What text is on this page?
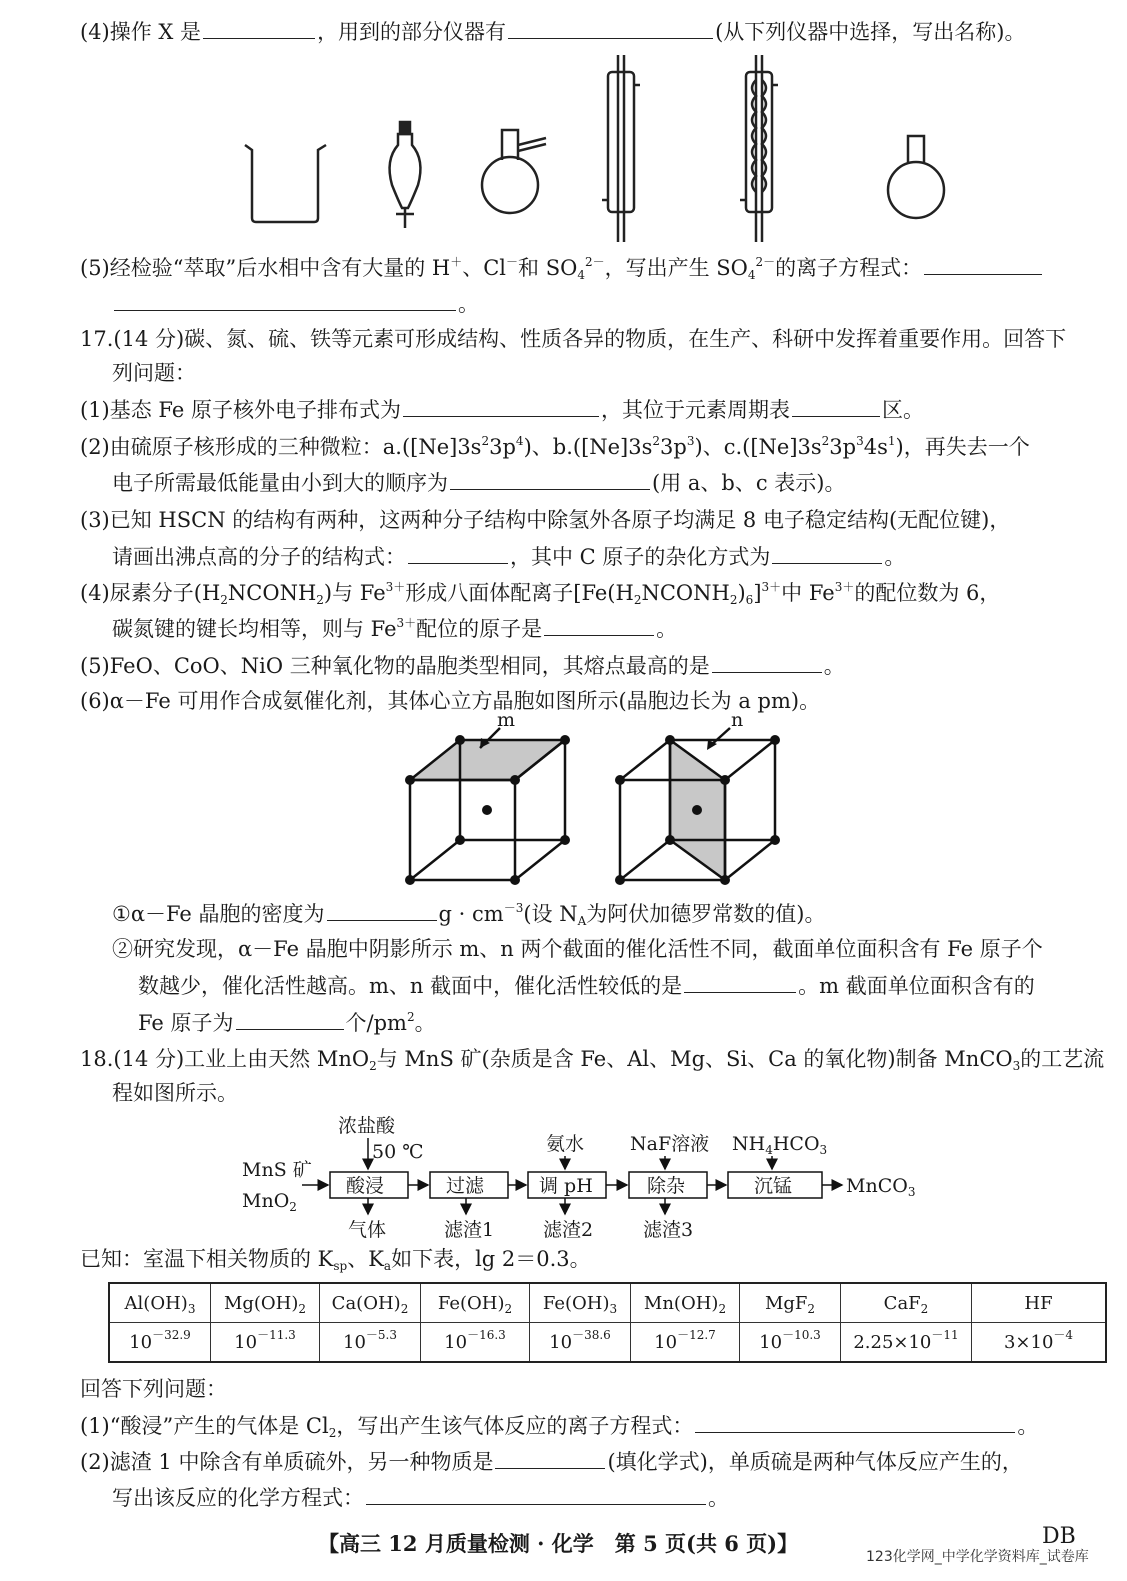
(4)操作 X 是	，用到的部分仪器有	(从下列仪器中选择，写出名称)。
(5)经检验“萃取”后水相中含有大量的 H＋、Cl－和 $SO_4^{2-}$，写出产生 $SO_4^{2-}$的离子方程式：
。
17.(14 分)碳、氮、硫、铁等元素可形成结构、性质各异的物质，在生产、科研中发挥着重要作用。回答下
列问题：
(1)基态 Fe 原子核外电子排布式为	，其位于元素周期表	区。
(2)由硫原子核形成的三种微粒：$a.([Ne]3s^23p^4)$、$b.([Ne]3s^23p^3)$、$c.([Ne]3s^23p^34s^1)$，再失去一个
电子所需最低能量由小到大的顺序为	(用 a、b、c 表示)。
(3)已知 HSCN 的结构有两种，这两种分子结构中除氢外各原子均满足 8 电子稳定结构(无配位键)，
请画出沸点高的分子的结构式：	，其中 C 原子的杂化方式为	。
(4)尿素分子$(H_2NCONH_2)$与 $Fe^{3+}$形成八面体配离子$[Fe(H_2NCONH_2)_6]^{3+}$中 $Fe^{3+}$的配位数为 6，
碳氮键的键长均相等，则与 $Fe^{3+}$配位的原子是	。
(5)FeO、CoO、NiO 三种氧化物的晶胞类型相同，其熔点最高的是	。
(6)α－Fe 可用作合成氨催化剂，其体心立方晶胞如图所示(晶胞边长为 a pm)。
m	n
①α－Fe 晶胞的密度为	$g \cdot cm^{-3}$(设 $N_A$为阿伏加德罗常数的值)。
②研究发现，α－Fe 晶胞中阴影所示 m、n 两个截面的催化活性不同，截面单位面积含有 Fe 原子个
数越少，催化活性越高。m、n 截面中，催化活性较低的是	。m 截面单位面积含有的
Fe 原子为	个$/pm^2$。
18.(14 分)工业上由天然 MnO$_2$与 MnS 矿(杂质是含 Fe、Al、Mg、Si、Ca 的氧化物)制备 MnCO$_3$的工艺流
程如图所示。
MnS 矿
MnO$_2$
浓盐酸
50 ℃	氨水 NaF溶液 $NH_4HCO_3$
酸浸	过滤	调 pH	除杂	沉锰	MnCO$_3$
气体	滤渣1	滤渣2	滤渣3
已知：室温下相关物质的 $K_{sp}$、$K_a$如下表，lg 2＝0.3。
$Al(OH)_3$	$Mg(OH)_2$	$Ca(OH)_2$	$Fe(OH)_2$	$Fe(OH)_3$	$Mn(OH)_2$	MgF$_2$	CaF$_2$	HF
$10^{-32.9}$	$10^{-11.3}$	$10^{-5.3}$	$10^{-16.3}$	$10^{-38.6}$	$10^{-12.7}$	$10^{-10.3}$	$2.25\times 10^{-11}$	$3\times 10^{-4}$
回答下列问题：
(1)“酸浸”产生的气体是 $Cl_2$，写出产生该气体反应的离子方程式：	。
(2)滤渣 1 中除含有单质硫外，另一种物质是	(填化学式)，单质硫是两种气体反应产生的，
写出该反应的化学方程式：	。
【高三 12 月质量检测 · 化学　第 5 页(共 6 页)】	DB
123化学网_中学化学资料库_试卷库
